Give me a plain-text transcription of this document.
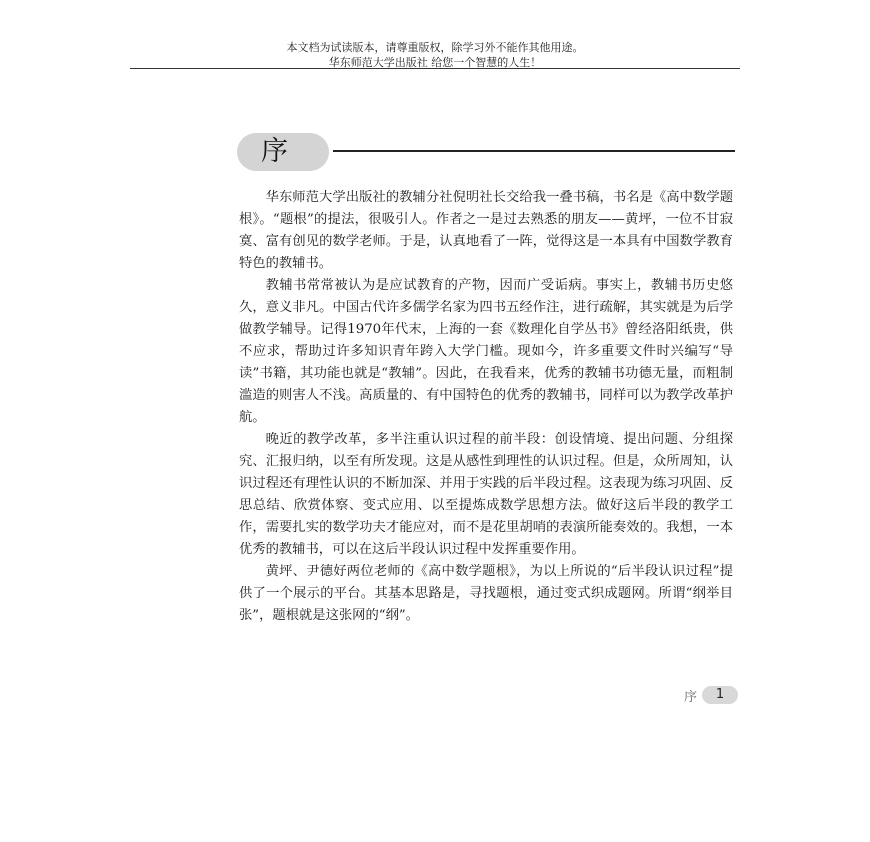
本文档为试读版本，请尊重版权，除学习外不能作其他用途。
华东师范大学出版社 给您一个智慧的人生！
序

华东师范大学出版社的教辅分社倪明社长交给我一叠书稿，书名是《高中数学题根》。“题根”的提法，很吸引人。作者之一是过去熟悉的朋友——黄坪，一位不甘寂寞、富有创见的数学老师。于是，认真地看了一阵，觉得这是一本具有中国数学教育特色的教辅书。

教辅书常常被认为是应试教育的产物，因而广受诟病。事实上，教辅书历史悠久，意义非凡。中国古代许多儒学名家为四书五经作注，进行疏解，其实就是为后学做教学辅导。记得1970年代末，上海的一套《数理化自学丛书》曾经洛阳纸贵，供不应求，帮助过许多知识青年跨入大学门槛。现如今，许多重要文件时兴编写“导读”书籍，其功能也就是“教辅”。因此，在我看来，优秀的教辅书功德无量，而粗制滥造的则害人不浅。高质量的、有中国特色的优秀的教辅书，同样可以为教学改革护航。

晚近的教学改革，多半注重认识过程的前半段：创设情境、提出问题、分组探究、汇报归纳，以至有所发现。这是从感性到理性的认识过程。但是，众所周知，认识过程还有理性认识的不断加深、并用于实践的后半段过程。这表现为练习巩固、反思总结、欣赏体察、变式应用、以至提炼成数学思想方法。做好这后半段的教学工作，需要扎实的数学功夫才能应对，而不是花里胡哨的表演所能奏效的。我想，一本优秀的教辅书，可以在这后半段认识过程中发挥重要作用。

黄坪、尹德好两位老师的《高中数学题根》，为以上所说的“后半段认识过程”提供了一个展示的平台。其基本思路是，寻找题根，通过变式织成题网。所谓“纲举目张”，题根就是这张网的“纲”。

序	1
